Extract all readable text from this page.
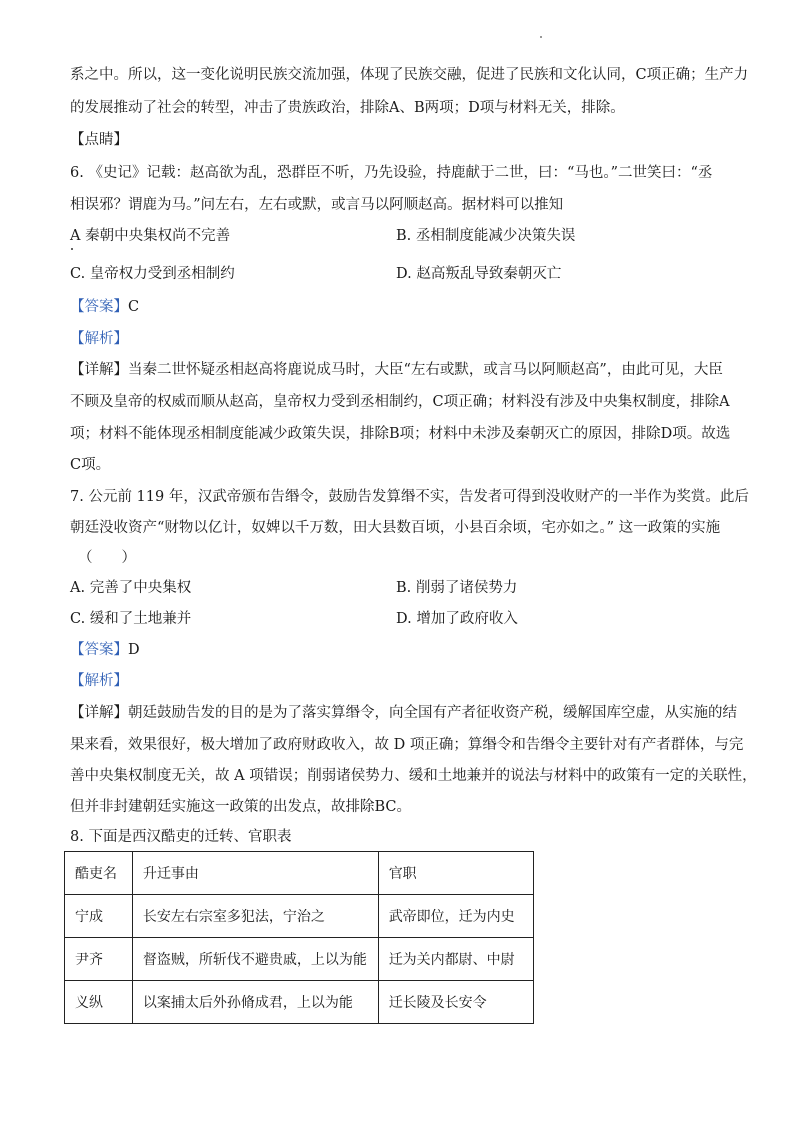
系之中。所以，这一变化说明民族交流加强，体现了民族交融，促进了民族和文化认同，C项正确；生产力
的发展推动了社会的转型，冲击了贵族政治，排除A、B两项；D项与材料无关，排除。
【点睛】
6. 《史记》记载：赵高欲为乱，恐群臣不听，乃先设验，持鹿献于二世，曰：“马也。”二世笑曰：“丞
相误邪？谓鹿为马。”问左右，左右或默，或言马以阿顺赵高。据材料可以推知
A 秦朝中央集权尚不完善	B. 丞相制度能减少决策失误
C. 皇帝权力受到丞相制约	D. 赵高叛乱导致秦朝灭亡
【答案】C
【解析】
【详解】当秦二世怀疑丞相赵高将鹿说成马时，大臣“左右或默，或言马以阿顺赵高”，由此可见，大臣
不顾及皇帝的权威而顺从赵高，皇帝权力受到丞相制约，C项正确；材料没有涉及中央集权制度，排除A
项；材料不能体现丞相制度能减少政策失误，排除B项；材料中未涉及秦朝灭亡的原因，排除D项。故选
C项。
7. 公元前 119 年，汉武帝颁布告缗令，鼓励告发算缗不实，告发者可得到没收财产的一半作为奖赏。此后
朝廷没收资产“财物以亿计，奴婢以千万数，田大县数百顷，小县百余顷，宅亦如之。” 这一政策的实施
（　　）
A. 完善了中央集权	B. 削弱了诸侯势力
C. 缓和了土地兼并	D. 增加了政府收入
【答案】D
【解析】
【详解】朝廷鼓励告发的目的是为了落实算缗令，向全国有产者征收资产税，缓解国库空虚，从实施的结
果来看，效果很好，极大增加了政府财政收入，故 D 项正确；算缗令和告缗令主要针对有产者群体，与完
善中央集权制度无关，故 A 项错误；削弱诸侯势力、缓和土地兼并的说法与材料中的政策有一定的关联性，
但并非封建朝廷实施这一政策的出发点，故排除BC。
8. 下面是西汉酷吏的迁转、官职表
酷吏名	升迁事由	官职
宁成	长安左右宗室多犯法，宁治之	武帝即位，迁为内史
尹齐	督盗贼，所斩伐不避贵戚，上以为能	迁为关内都尉、中尉
义纵	以案捕太后外孙脩成君，上以为能	迁长陵及长安令
